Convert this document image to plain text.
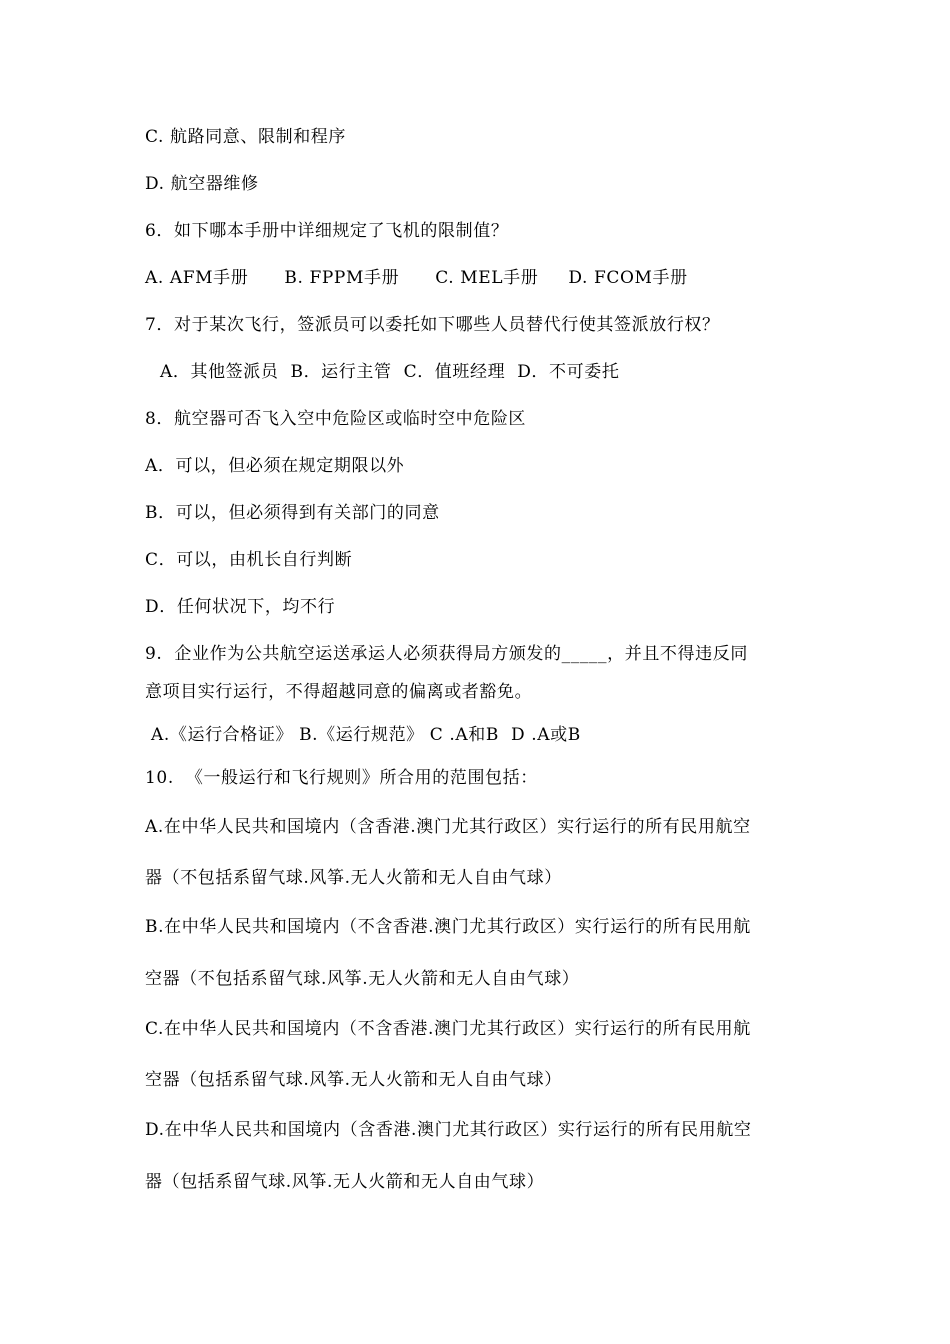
C. 航路同意、限制和程序
D. 航空器维修
6．如下哪本手册中详细规定了飞机的限制值？
A. AFM手册      B. FPPM手册      C. MEL手册     D. FCOM手册
7．对于某次飞行，签派员可以委托如下哪些人员替代行使其签派放行权？
A．其他签派员  B．运行主管  C．值班经理  D．不可委托
8．航空器可否飞入空中危险区或临时空中危险区
A．可以，但必须在规定期限以外
B．可以，但必须得到有关部门的同意
C．可以，由机长自行判断
D．任何状况下，均不行
9.  企业作为公共航空运送承运人必须获得局方颁发的_____，并且不得违反同
意项目实行运行，不得超越同意的偏离或者豁免。
A.《运行合格证》 B.《运行规范》 C .A和B  D .A或B
10.  《一般运行和飞行规则》所合用的范围包括：
A.在中华人民共和国境内（含香港.澳门尤其行政区）实行运行的所有民用航空
器（不包括系留气球.风筝.无人火箭和无人自由气球）
B.在中华人民共和国境内（不含香港.澳门尤其行政区）实行运行的所有民用航
空器（不包括系留气球.风筝.无人火箭和无人自由气球）
C.在中华人民共和国境内（不含香港.澳门尤其行政区）实行运行的所有民用航
空器（包括系留气球.风筝.无人火箭和无人自由气球）
D.在中华人民共和国境内（含香港.澳门尤其行政区）实行运行的所有民用航空
器（包括系留气球.风筝.无人火箭和无人自由气球）
